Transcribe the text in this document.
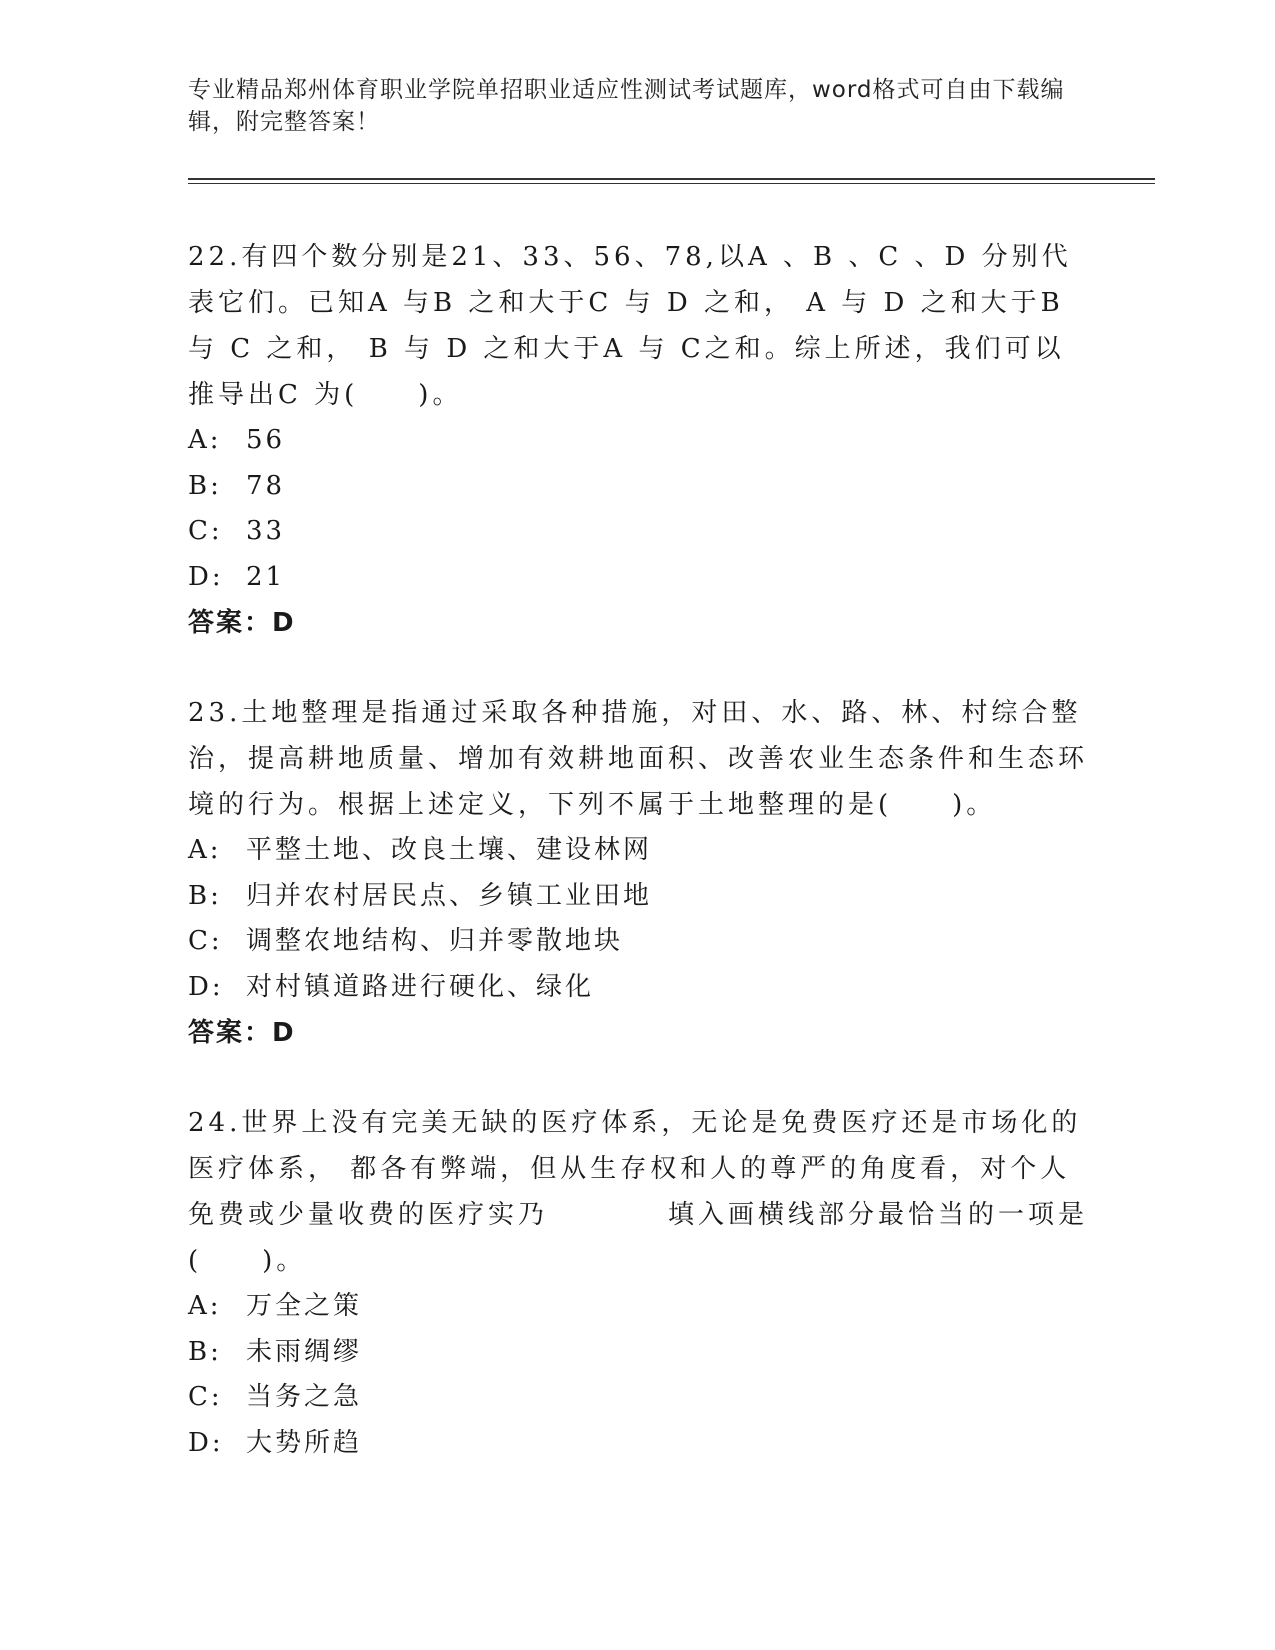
专业精品郑州体育职业学院单招职业适应性测试考试题库，word格式可自由下载编辑，附完整答案！

22.有四个数分别是21、33、56、78,以A 、B 、C 、D 分别代表它们。已知A 与B 之和大于C 与 D 之和， A 与 D 之和大于B 与 C 之和， B 与 D 之和大于A 与 C之和。综上所述，我们可以推导出C 为(　　)。

A: 56

B: 78

C: 33

D: 21

答案：D

23.土地整理是指通过采取各种措施，对田、水、路、林、村综合整治，提高耕地质量、增加有效耕地面积、改善农业生态条件和生态环境的行为。根据上述定义，下列不属于土地整理的是(　　)。

A: 平整土地、改良土壤、建设林网

B: 归并农村居民点、乡镇工业田地

C: 调整农地结构、归并零散地块

D: 对村镇道路进行硬化、绿化

答案：D

24.世界上没有完美无缺的医疗体系，无论是免费医疗还是市场化的医疗体系， 都各有弊端，但从生存权和人的尊严的角度看，对个人免费或少量收费的医疗实乃　　　　填入画横线部分最恰当的一项是(　　)。

A: 万全之策

B: 未雨绸缪

C: 当务之急

D: 大势所趋
